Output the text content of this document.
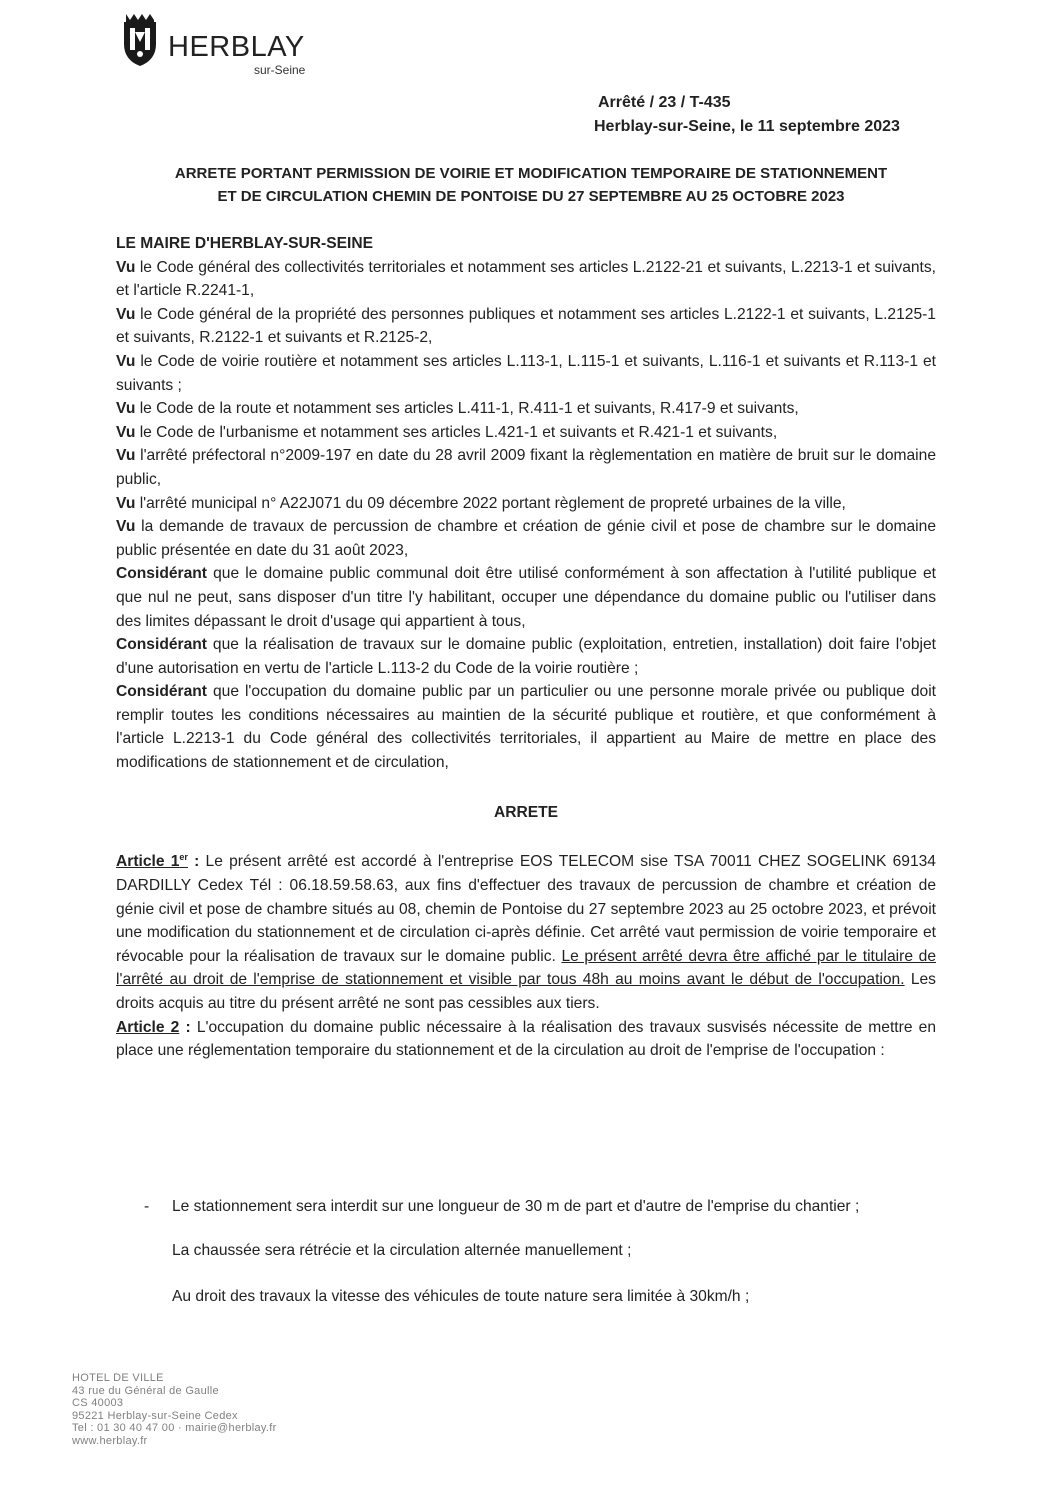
HERBLAY
sur-Seine
Arrêté / 23 / T-435
Herblay-sur-Seine, le 11 septembre 2023
ARRETE PORTANT PERMISSION DE VOIRIE ET MODIFICATION TEMPORAIRE DE STATIONNEMENT
ET DE CIRCULATION CHEMIN DE PONTOISE DU 27 SEPTEMBRE AU 25 OCTOBRE 2023

LE MAIRE D'HERBLAY-SUR-SEINE

Vu le Code général des collectivités territoriales et notamment ses articles L.2122-21 et suivants, L.2213-1 et suivants, et l'article R.2241-1,

Vu le Code général de la propriété des personnes publiques et notamment ses articles L.2122-1 et suivants, L.2125-1 et suivants, R.2122-1 et suivants et R.2125-2,

Vu le Code de voirie routière et notamment ses articles L.113-1, L.115-1 et suivants, L.116-1 et suivants et R.113-1 et suivants ;

Vu le Code de la route et notamment ses articles L.411-1, R.411-1 et suivants, R.417-9 et suivants,

Vu le Code de l'urbanisme et notamment ses articles L.421-1 et suivants et R.421-1 et suivants,

Vu l'arrêté préfectoral n°2009-197 en date du 28 avril 2009 fixant la règlementation en matière de bruit sur le domaine public,

Vu l'arrêté municipal n° A22J071 du 09 décembre 2022 portant règlement de propreté urbaines de la ville,

Vu la demande de travaux de percussion de chambre et création de génie civil et pose de chambre sur le domaine public présentée en date du 31 août 2023,

Considérant que le domaine public communal doit être utilisé conformément à son affectation à l'utilité publique et que nul ne peut, sans disposer d'un titre l'y habilitant, occuper une dépendance du domaine public ou l'utiliser dans des limites dépassant le droit d'usage qui appartient à tous,

Considérant que la réalisation de travaux sur le domaine public (exploitation, entretien, installation) doit faire l'objet d'une autorisation en vertu de l'article L.113-2 du Code de la voirie routière ;

Considérant que l'occupation du domaine public par un particulier ou une personne morale privée ou publique doit remplir toutes les conditions nécessaires au maintien de la sécurité publique et routière, et que conformément à l'article L.2213-1 du Code général des collectivités territoriales, il appartient au Maire de mettre en place des modifications de stationnement et de circulation,

ARRETE

Article 1er : Le présent arrêté est accordé à l'entreprise EOS TELECOM sise TSA 70011 CHEZ SOGELINK 69134 DARDILLY Cedex Tél : 06.18.59.58.63, aux fins d'effectuer des travaux de percussion de chambre et création de génie civil et pose de chambre situés au 08, chemin de Pontoise du 27 septembre 2023 au 25 octobre 2023, et prévoit une modification du stationnement et de circulation ci-après définie. Cet arrêté vaut permission de voirie temporaire et révocable pour la réalisation de travaux sur le domaine public. Le présent arrêté devra être affiché par le titulaire de l'arrêté au droit de l'emprise de stationnement et visible par tous 48h au moins avant le début de l'occupation. Les droits acquis au titre du présent arrêté ne sont pas cessibles aux tiers.

Article 2 : L'occupation du domaine public nécessaire à la réalisation des travaux susvisés nécessite de mettre en place une réglementation temporaire du stationnement et de la circulation au droit de l'emprise de l'occupation :

- Le stationnement sera interdit sur une longueur de 30 m de part et d'autre de l'emprise du chantier ;
La chaussée sera rétrécie et la circulation alternée manuellement ;
Au droit des travaux la vitesse des véhicules de toute nature sera limitée à 30km/h ;
HOTEL DE VILLE
43 rue du Général de Gaulle
CS 40003
95221 Herblay-sur-Seine Cedex
Tel : 01 30 40 47 00 · mairie@herblay.fr
www.herblay.fr
